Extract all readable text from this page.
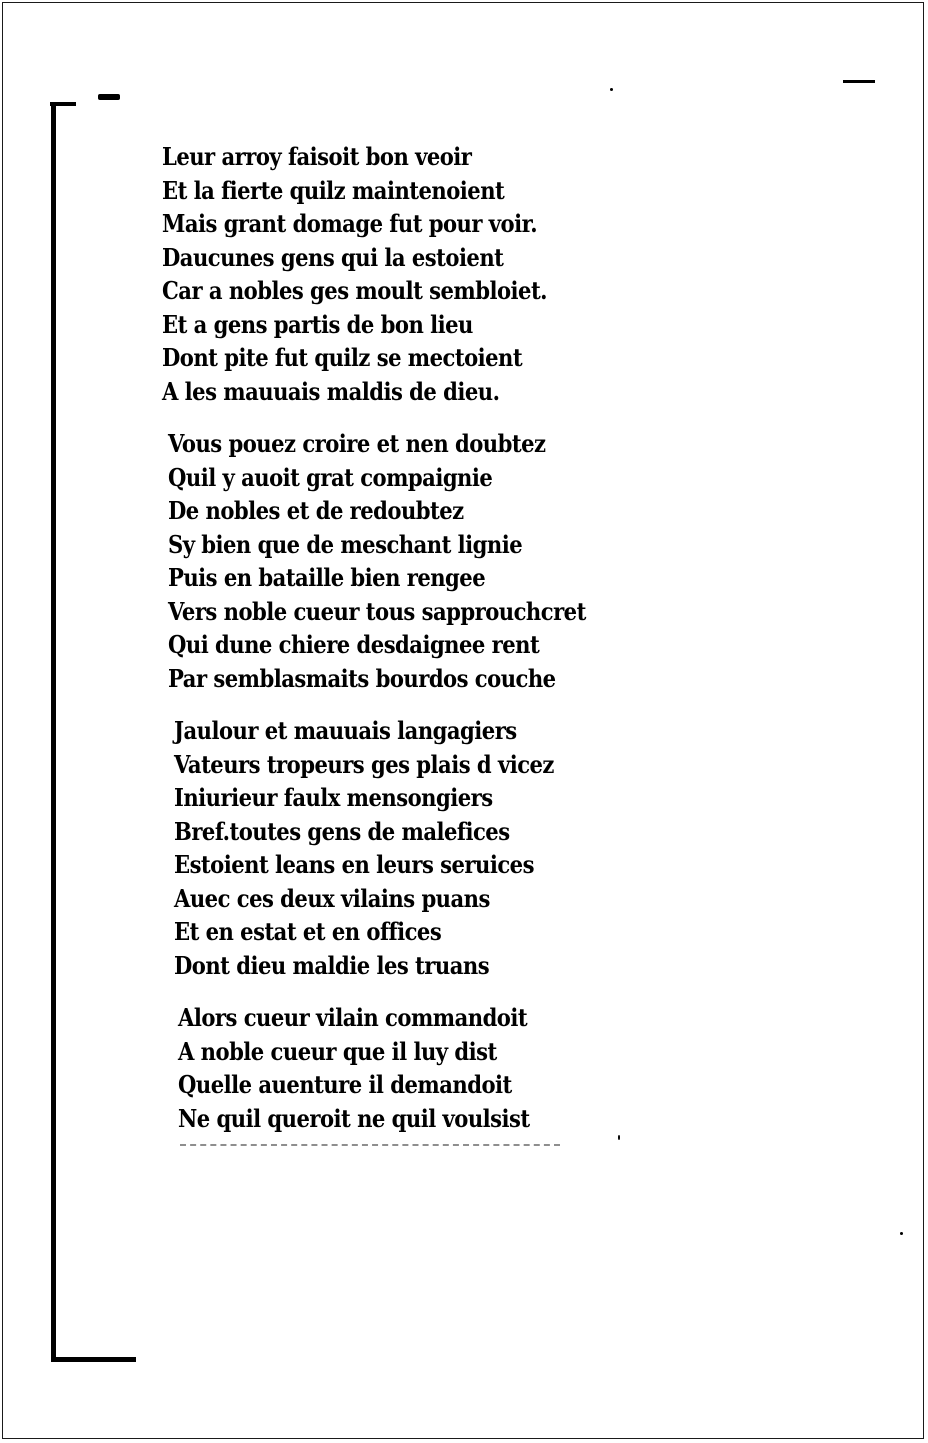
Leur arroy faisoit bon veoir
Et la fierte quilz maintenoient
Mais grant domage fut pour voir.
Daucunes gens qui la estoient
Car a nobles ges moult sembloiet.
Et a gens partis de bon lieu
Dont pite fut quilz se mectoient
A les mauuais maldis de dieu.
Vous pouez croire et nen doubtez
Quil y auoit grat compaignie
De nobles et de redoubtez
Sy bien que de meschant lignie
Puis en bataille bien rengee
Vers noble cueur tous sapprouchcret
Qui dune chiere desdaignee rent
Par semblasmaits bourdos couche
Jaulour et mauuais langagiers
Vateurs tropeurs ges plais d vicez
Iniurieur faulx mensongiers
Bref.toutes gens de malefices
Estoient leans en leurs seruices
Auec ces deux vilains puans
Et en estat et en offices
Dont dieu maldie les truans
Alors cueur vilain commandoit
A noble cueur que il luy dist
Quelle auenture il demandoit
Ne quil queroit ne quil voulsist
